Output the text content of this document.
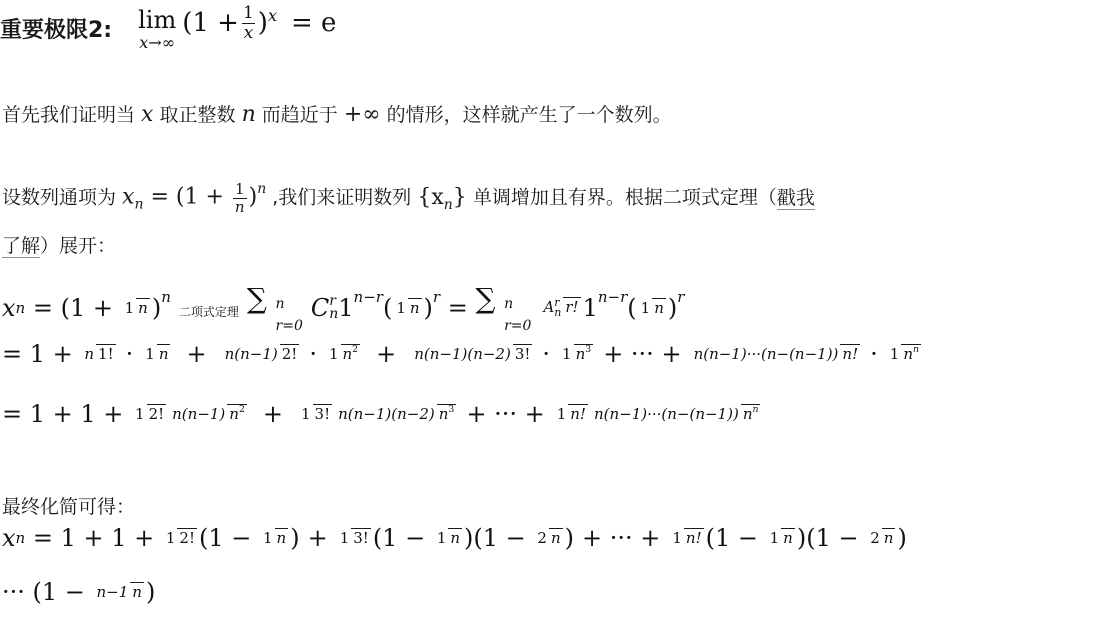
重要极限2: lim
x→∞
($1 + \frac{1}{x}$ ) x = e
首先我们证明当 x 取正整数 n 而趋近于 +∞ 的情形，这样就产生了一个数列。
设数列通项为 $x_n = (1 + \frac{1}{n} )^n$ ,我们来证明数列 $\{x_n\}$ 单调增加且有界。根据二项式定理（戳我
了解）展开：
x n = (1 + 1 n ) n
二项式定理 ∑ n
r=0
C r
n 1 n−r ( 1 n ) r = ∑ n
r=0
A r
n r! 1 n−r ( 1 n ) r
= 1 + n 1! · 1 n + n(n−1) 2! · 1 $n^2 + n(n-1)(n-2) 3$! · 1 $n^3$ + ··· + n(n−1)···(n−(n−1)) n! · 1 $n^n$
= 1 + 1 + 1 2! n(n−1) $n^2 + 1$ 3! n(n−1)(n−2) $n^3$ + ··· + 1 n! n(n−1)···(n−(n−1)) $n^n$
最终化简可得：
x n = 1 + 1 + 1 2! (1 − 1 n ) + 1 3! (1 − 1 n ) (1 − 2 n ) + ··· + 1 n! (1 − 1 n ) (1 − 2 n )
··· (1 − n−1 n )
